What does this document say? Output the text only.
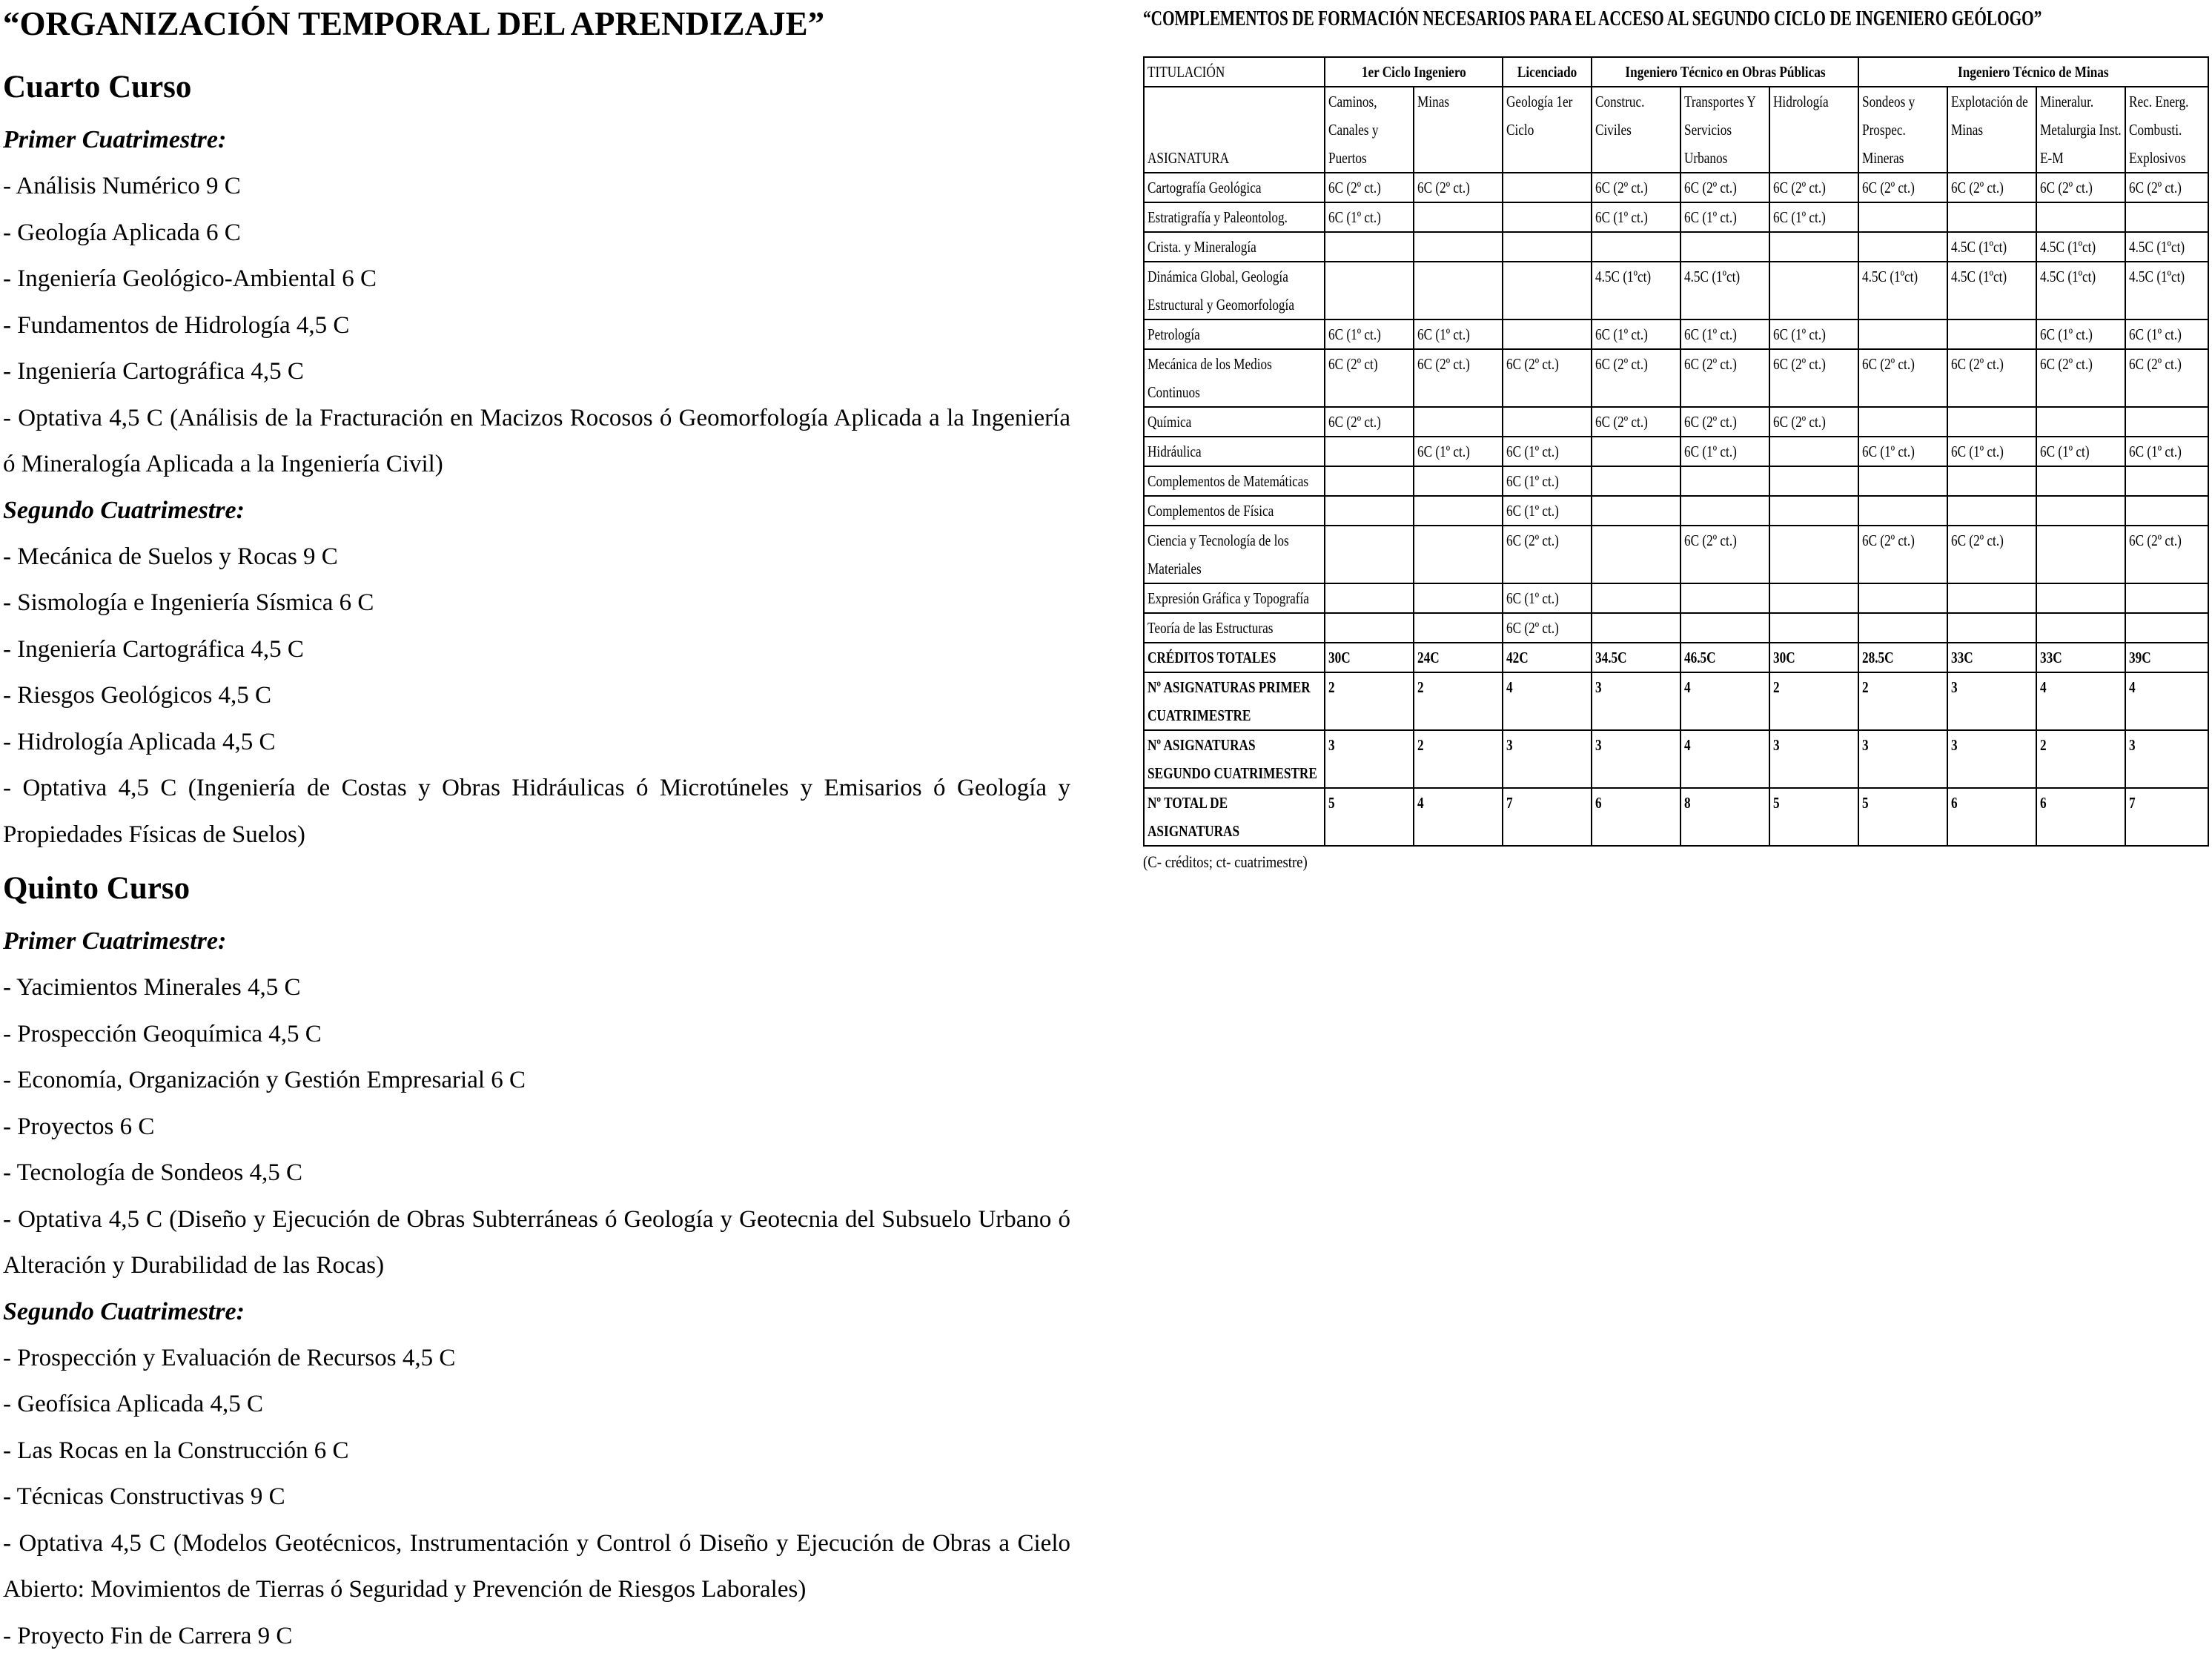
“ORGANIZACIÓN TEMPORAL DEL APRENDIZAJE”
Cuarto Curso
Primer Cuatrimestre:
- Análisis Numérico 9 C
- Geología Aplicada 6 C
- Ingeniería Geológico-Ambiental 6 C
- Fundamentos de Hidrología 4,5 C
- Ingeniería Cartográfica 4,5 C
- Optativa 4,5 C (Análisis de la Fracturación en Macizos Rocosos ó Geomorfología Aplicada a la Ingeniería ó Mineralogía Aplicada a la Ingeniería Civil)
Segundo Cuatrimestre:
- Mecánica de Suelos y Rocas 9 C
- Sismología e Ingeniería Sísmica 6 C
- Ingeniería Cartográfica 4,5 C
- Riesgos Geológicos 4,5 C
- Hidrología Aplicada 4,5 C
- Optativa 4,5 C (Ingeniería de Costas y Obras Hidráulicas ó Microtúneles y Emisarios ó Geología y Propiedades Físicas de Suelos)
Quinto Curso
Primer Cuatrimestre:
- Yacimientos Minerales 4,5 C
- Prospección Geoquímica 4,5 C
- Economía, Organización y Gestión Empresarial 6 C
- Proyectos 6 C
- Tecnología de Sondeos 4,5 C
- Optativa 4,5 C (Diseño y Ejecución de Obras Subterráneas ó Geología y Geotecnia del Subsuelo Urbano ó Alteración y Durabilidad de las Rocas)
Segundo Cuatrimestre:
- Prospección y Evaluación de Recursos 4,5 C
- Geofísica Aplicada 4,5 C
- Las Rocas en la Construcción 6 C
- Técnicas Constructivas 9 C
- Optativa 4,5 C (Modelos Geotécnicos, Instrumentación y Control ó Diseño y Ejecución de Obras a Cielo Abierto: Movimientos de Tierras ó Seguridad y Prevención de Riesgos Laborales)
- Proyecto Fin de Carrera 9 C
“COMPLEMENTOS DE FORMACIÓN NECESARIOS PARA EL ACCESO AL SEGUNDO CICLO DE INGENIERO GEÓLOGO”
TITULACIÓN	1er Ciclo Ingeniero		Licenciado	Ingeniero Técnico en Obras Públicas			Ingeniero Técnico de Minas			
ASIGNATURA	Caminos, Canales y Puertos	Minas	Geología 1er Ciclo	Construc. Civiles	Transportes Y Servicios Urbanos	Hidrología	Sondeos y Prospec. Mineras	Explotación de Minas	Mineralur. Metalurgia Inst. E-M	Rec. Energ. Combusti. Explosivos
Cartografía Geológica	6C (2º ct.)	6C (2º ct.)		6C (2º ct.)	6C (2º ct.)	6C (2º ct.)	6C (2º ct.)	6C (2º ct.)	6C (2º ct.)	6C (2º ct.)
Estratigrafía y Paleontolog.	6C (1º ct.)			6C (1º ct.)	6C (1º ct.)	6C (1º ct.)				
Crista. y Mineralogía								4.5C (1ºct)	4.5C (1ºct)	4.5C (1ºct)
Dinámica Global, Geología Estructural y Geomorfología				4.5C (1ºct)	4.5C (1ºct)		4.5C (1ºct)	4.5C (1ºct)	4.5C (1ºct)	4.5C (1ºct)
Petrología	6C (1º ct.)	6C (1º ct.)		6C (1º ct.)	6C (1º ct.)	6C (1º ct.)			6C (1º ct.)	6C (1º ct.)
Mecánica de los Medios Continuos	6C (2º ct)	6C (2º ct.)	6C (2º ct.)	6C (2º ct.)	6C (2º ct.)	6C (2º ct.)	6C (2º ct.)	6C (2º ct.)	6C (2º ct.)	6C (2º ct.)
Química	6C (2º ct.)			6C (2º ct.)	6C (2º ct.)	6C (2º ct.)				
Hidráulica		6C (1º ct.)	6C (1º ct.)		6C (1º ct.)		6C (1º ct.)	6C (1º ct.)	6C (1º ct)	6C (1º ct.)
Complementos de Matemáticas			6C (1º ct.)							
Complementos de Física			6C (1º ct.)							
Ciencia y Tecnología de los Materiales			6C (2º ct.)		6C (2º ct.)		6C (2º ct.)	6C (2º ct.)		6C (2º ct.)
Expresión Gráfica y Topografía			6C (1º ct.)							
Teoría de las Estructuras			6C (2º ct.)							
CRÉDITOS TOTALES	30C	24C	42C	34.5C	46.5C	30C	28.5C	33C	33C	39C
Nº ASIGNATURAS PRIMER CUATRIMESTRE	2	2	4	3	4	2	2	3	4	4
Nº ASIGNATURAS SEGUNDO CUATRIMESTRE	3	2	3	3	4	3	3	3	2	3
Nº TOTAL DE ASIGNATURAS	5	4	7	6	8	5	5	6	6	7
(C- créditos; ct- cuatrimestre)
